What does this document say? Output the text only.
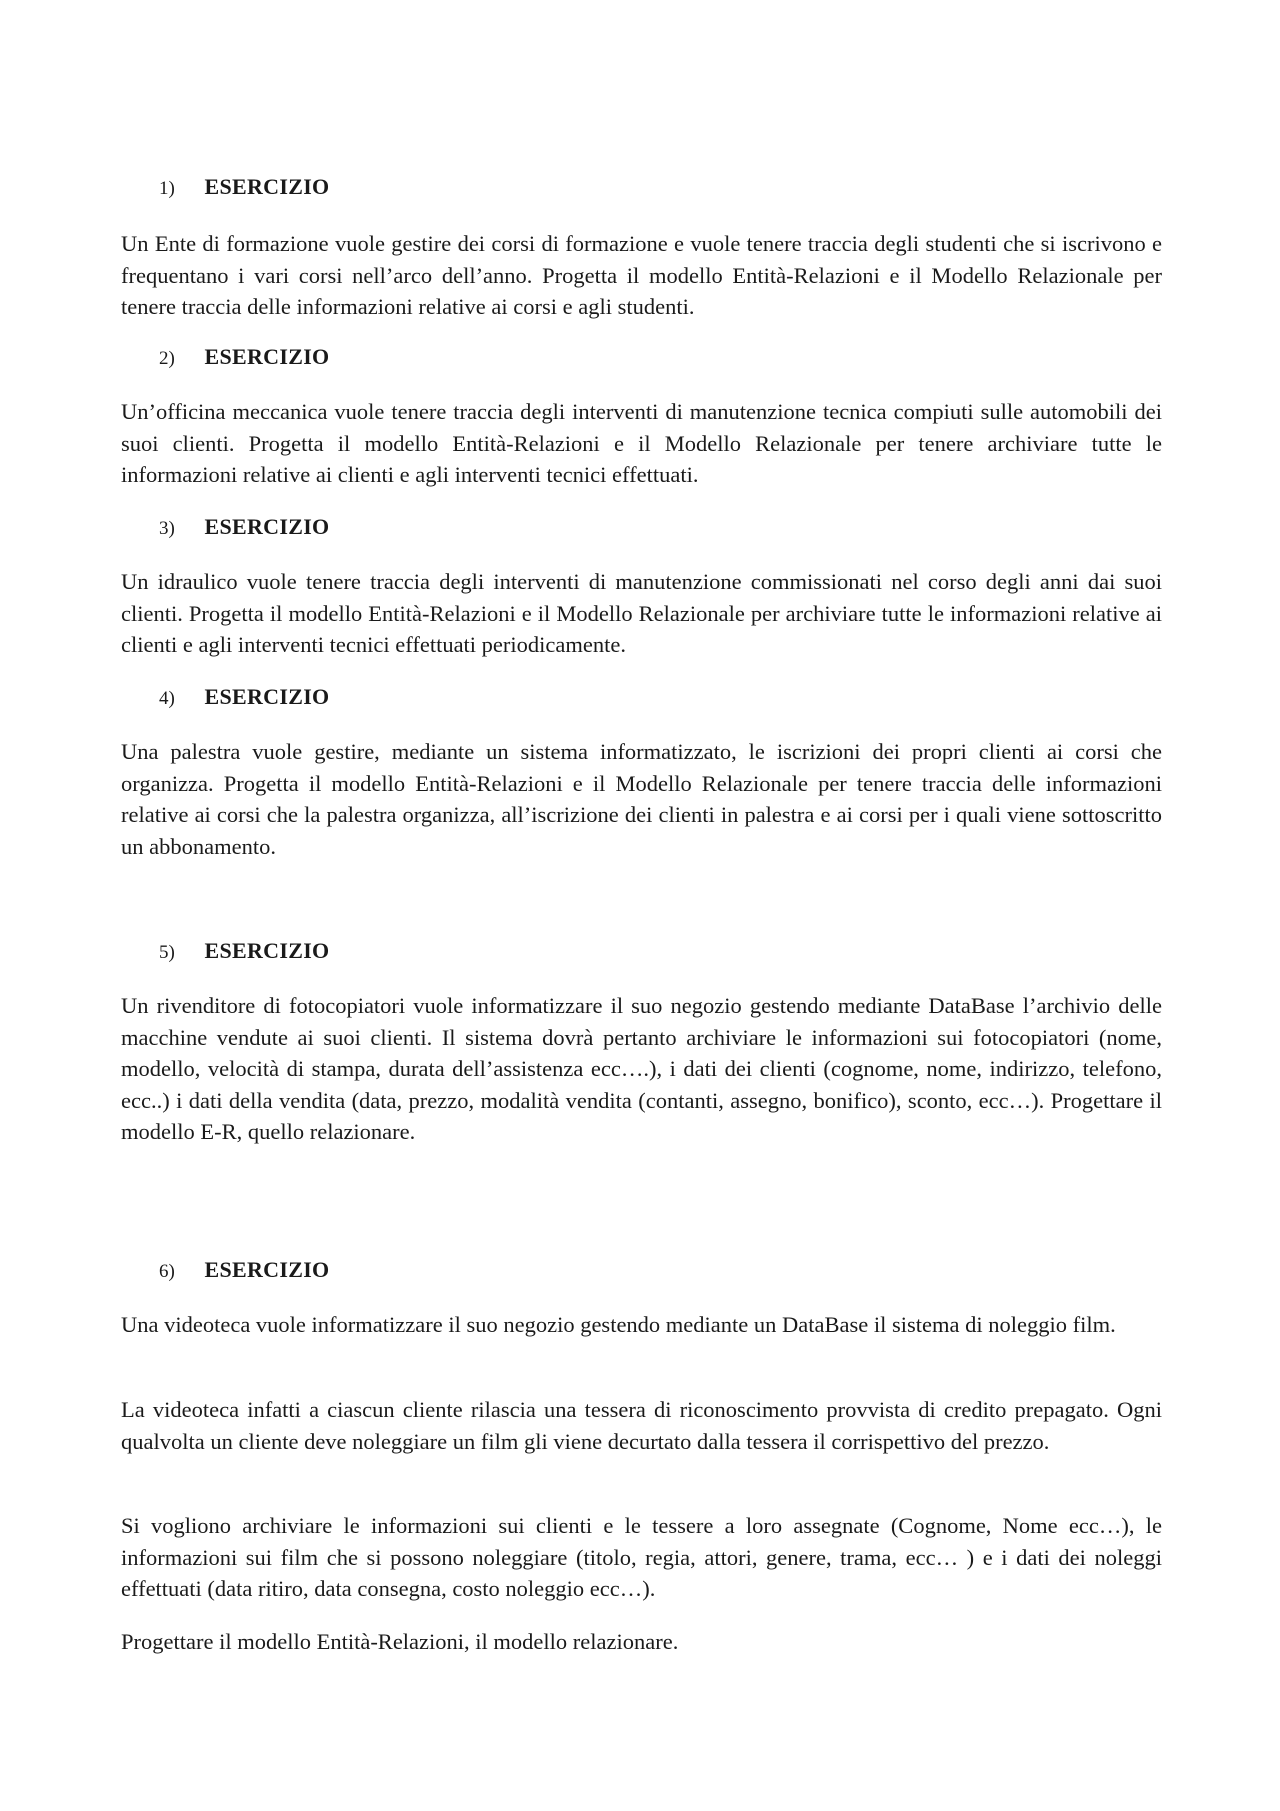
1) ESERCIZIO

Un Ente di formazione vuole gestire dei corsi di formazione e vuole tenere traccia degli studenti che si iscrivono e frequentano i vari corsi nell’arco dell’anno. Progetta il modello Entità-Relazioni e il Modello Relazionale per tenere traccia delle informazioni relative ai corsi e agli studenti.

2) ESERCIZIO

Un’officina meccanica vuole tenere traccia degli interventi di manutenzione tecnica compiuti sulle automobili dei suoi clienti. Progetta il modello Entità-Relazioni e il Modello Relazionale per tenere archiviare tutte le informazioni relative ai clienti e agli interventi tecnici effettuati.

3) ESERCIZIO

Un idraulico vuole tenere traccia degli interventi di manutenzione commissionati nel corso degli anni dai suoi clienti. Progetta il modello Entità-Relazioni e il Modello Relazionale per archiviare tutte le informazioni relative ai clienti e agli interventi tecnici effettuati periodicamente.

4) ESERCIZIO

Una palestra vuole gestire, mediante un sistema informatizzato, le iscrizioni dei propri clienti ai corsi che organizza. Progetta il modello Entità-Relazioni e il Modello Relazionale per tenere traccia delle informazioni relative ai corsi che la palestra organizza, all’iscrizione dei clienti in palestra e ai corsi per i quali viene sottoscritto un abbonamento.

5) ESERCIZIO

Un rivenditore di fotocopiatori vuole informatizzare il suo negozio gestendo mediante DataBase l’archivio delle macchine vendute ai suoi clienti. Il sistema dovrà pertanto archiviare le informazioni sui fotocopiatori (nome, modello, velocità di stampa, durata dell’assistenza ecc….), i dati dei clienti (cognome, nome, indirizzo, telefono, ecc..) i dati della vendita (data, prezzo, modalità vendita (contanti, assegno, bonifico), sconto, ecc…). Progettare il modello E-R, quello relazionare.

6) ESERCIZIO

Una videoteca vuole informatizzare il suo negozio gestendo mediante un DataBase il sistema di noleggio film.

La videoteca infatti a ciascun cliente rilascia una tessera di riconoscimento provvista di credito prepagato. Ogni qualvolta un cliente deve noleggiare un film gli viene decurtato dalla tessera il corrispettivo del prezzo.

Si vogliono archiviare le informazioni sui clienti e le tessere a loro assegnate (Cognome, Nome ecc…), le informazioni sui film che si possono noleggiare (titolo, regia, attori, genere, trama, ecc… ) e i dati dei noleggi effettuati (data ritiro, data consegna, costo noleggio ecc…).

Progettare il modello Entità-Relazioni, il modello relazionare.
